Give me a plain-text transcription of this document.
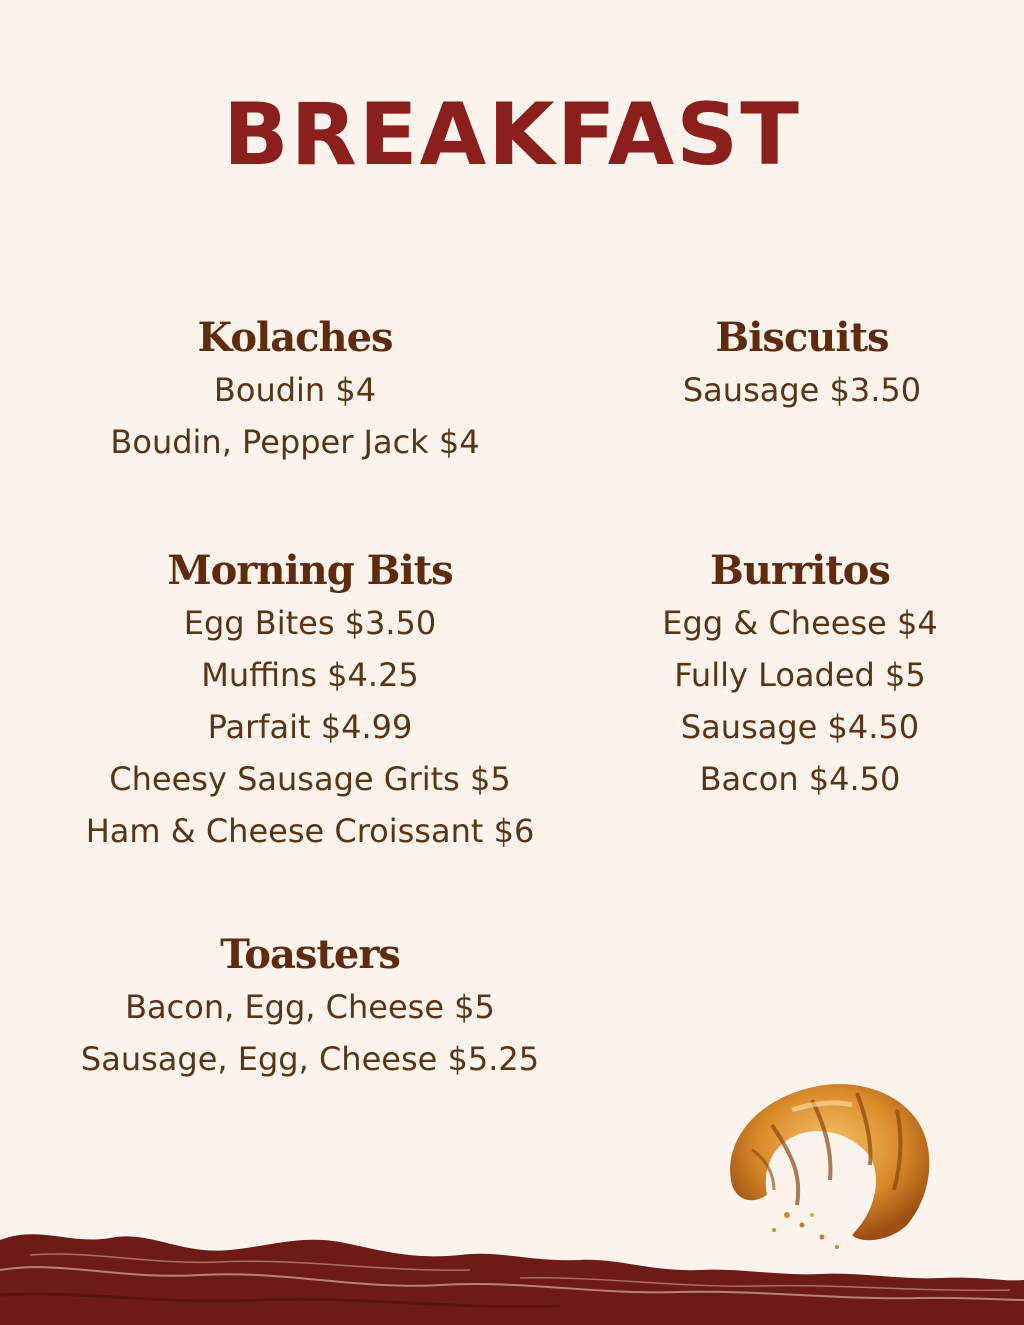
BREAKFAST
Kolaches
Boudin $4
Boudin, Pepper Jack $4
Biscuits
Sausage $3.50
Morning Bits
Egg Bites $3.50
Muffins $4.25
Parfait $4.99
Cheesy Sausage Grits $5
Ham & Cheese Croissant $6
Burritos
Egg & Cheese $4
Fully Loaded $5
Sausage $4.50
Bacon $4.50
Toasters
Bacon, Egg, Cheese $5
Sausage, Egg, Cheese $5.25
